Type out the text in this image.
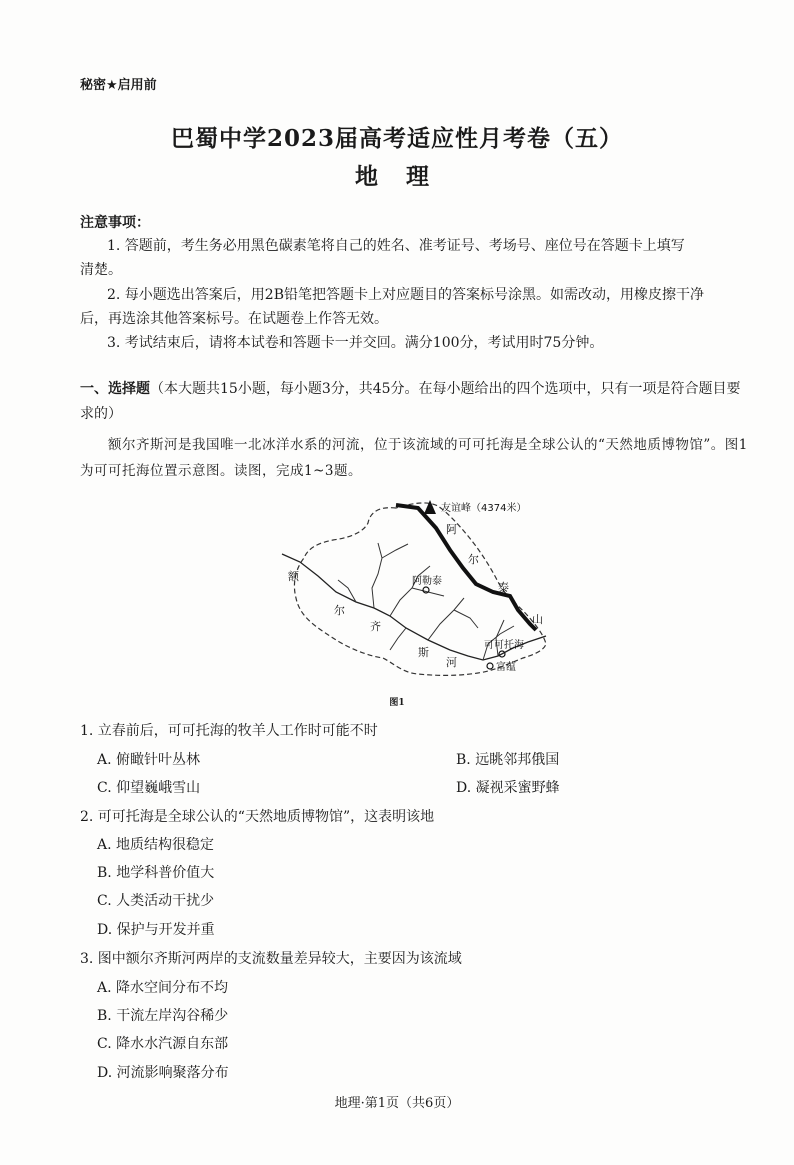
秘密★启用前
巴蜀中学2023届高考适应性月考卷（五）
地 理
注意事项：
1. 答题前，考生务必用黑色碳素笔将自己的姓名、准考证号、考场号、座位号在答题卡上填写
清楚。
2. 每小题选出答案后，用2B铅笔把答题卡上对应题目的答案标号涂黑。如需改动，用橡皮擦干净
后，再选涂其他答案标号。在试题卷上作答无效。
3. 考试结束后，请将本试卷和答题卡一并交回。满分100分，考试用时75分钟。
一、选择题（本大题共15小题，每小题3分，共45分。在每小题给出的四个选项中，只有一项是符合题目要求的）
额尔齐斯河是我国唯一北冰洋水系的河流，位于该流域的可可托海是全球公认的“天然地质博物馆”。图1为可可托海位置示意图。读图，完成1~3题。
友谊峰（4374米）
阿勒泰
可可托海
富蕴
阿
尔
泰
山
额
尔
齐
斯
河
图1
1. 立春前后，可可托海的牧羊人工作时可能不时
A. 俯瞰针叶丛林	B. 远眺邻邦俄国
C. 仰望巍峨雪山	D. 凝视采蜜野蜂
2. 可可托海是全球公认的“天然地质博物馆”，这表明该地
A. 地质结构很稳定
B. 地学科普价值大
C. 人类活动干扰少
D. 保护与开发并重
3. 图中额尔齐斯河两岸的支流数量差异较大，主要因为该流域
A. 降水空间分布不均
B. 干流左岸沟谷稀少
C. 降水水汽源自东部
D. 河流影响聚落分布
地理·第1页（共6页）
